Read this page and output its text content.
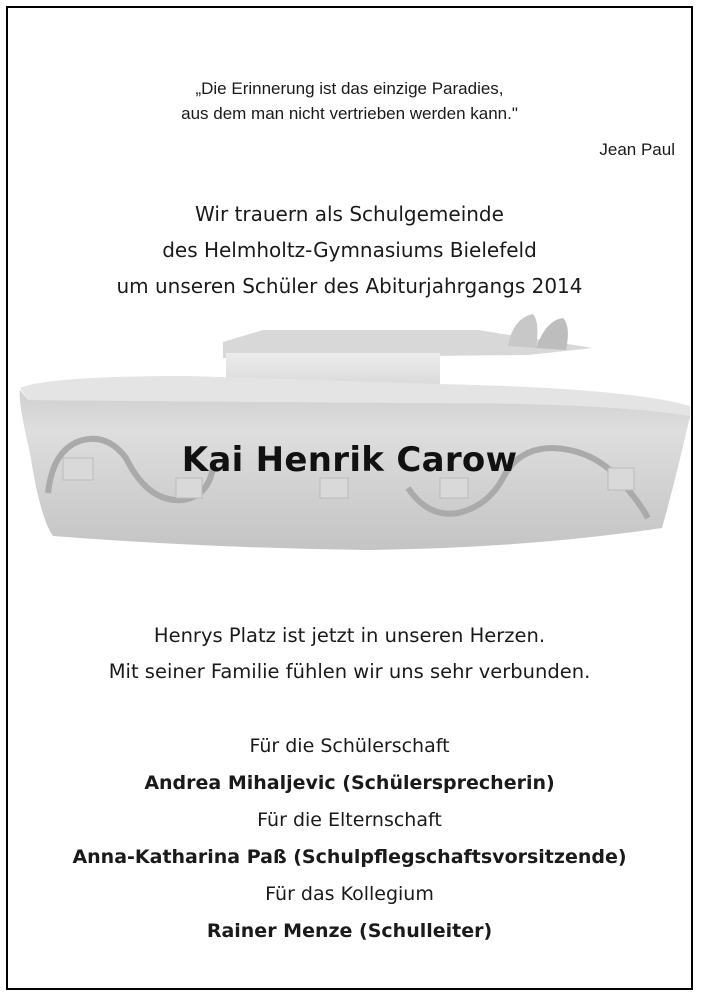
„Die Erinnerung ist das einzige Paradies,
aus dem man nicht vertrieben werden kann."
Jean Paul
Wir trauern als Schulgemeinde
des Helmholtz-Gymnasiums Bielefeld
um unseren Schüler des Abiturjahrgangs 2014
Kai Henrik Carow
Henrys Platz ist jetzt in unseren Herzen.
Mit seiner Familie fühlen wir uns sehr verbunden.
Für die Schülerschaft
Andrea Mihaljevic (Schülersprecherin)
Für die Elternschaft
Anna-Katharina Paß (Schulpflegschaftsvorsitzende)
Für das Kollegium
Rainer Menze (Schulleiter)
